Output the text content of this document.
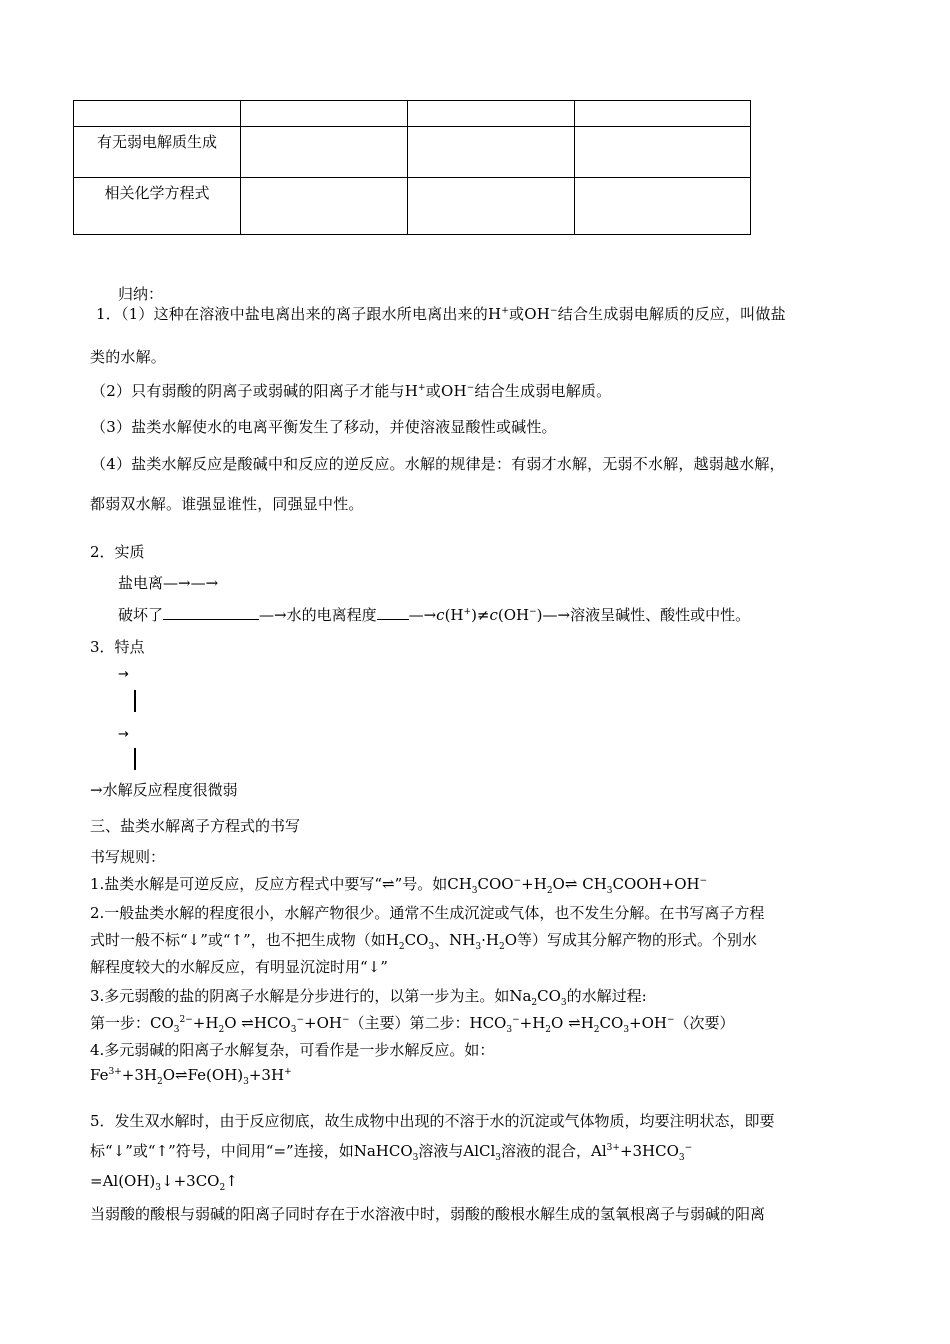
有无弱电解质生成			
相关化学方程式			
归纳：
1．（1）这种在溶液中盐电离出来的离子跟水所电离出来的H+或OH−结合生成弱电解质的反应，叫做盐
类的水解。
（2）只有弱酸的阴离子或弱碱的阳离子才能与H+或OH−结合生成弱电解质。
（3）盐类水解使水的电离平衡发生了移动，并使溶液显酸性或碱性。
（4）盐类水解反应是酸碱中和反应的逆反应。水解的规律是：有弱才水解，无弱不水解，越弱越水解，
都弱双水解。谁强显谁性，同强显中性。
2．实质
盐电离—→—→
破坏了	—→水的电离程度 —→c(H+)≠c(OH−)—→溶液呈碱性、酸性或中性。
3．特点
→
→
→水解反应程度很微弱
三、盐类水解离子方程式的书写
书写规则：
1.盐类水解是可逆反应，反应方程式中要写“⇌”号。如$CH_3COO^-+H_2O\rightleftharpoons$ $CH_3COOH+OH^-$
2.一般盐类水解的程度很小，水解产物很少。通常不生成沉淀或气体，也不发生分解。在书写离子方程
式时一般不标“↓”或“↑”，也不把生成物（如$H_2CO_3$、$NH_3\cdot H_2O$等）写成其分解产物的形式。个别水
解程度较大的水解反应，有明显沉淀时用“↓”
3.多元弱酸的盐的阴离子水解是分步进行的，以第一步为主。如$Na_2CO_3$的水解过程:
第一步：$CO_3^{2-}+H_2O$ $\rightleftharpoons HCO_3^-+OH^-$（主要）第二步：$HCO_3^-+H_2O$ $\rightleftharpoons H_2CO_3+OH^-$（次要）
4.多元弱碱的阳离子水解复杂，可看作是一步水解反应。如：
$Fe^{3+}+3H_2O\rightleftharpoons Fe(OH)_3+3H^+$
5．发生双水解时，由于反应彻底，故生成物中出现的不溶于水的沉淀或气体物质，均要注明状态，即要
标“↓”或“↑”符号，中间用“=”连接，如NaHCO$_3$溶液与AlCl$_3$溶液的混合，$Al^{3+}+3HCO_3^-$
$=Al(OH)_3↓+3CO_2↑$
当弱酸的酸根与弱碱的阳离子同时存在于水溶液中时，弱酸的酸根水解生成的氢氧根离子与弱碱的阳离
